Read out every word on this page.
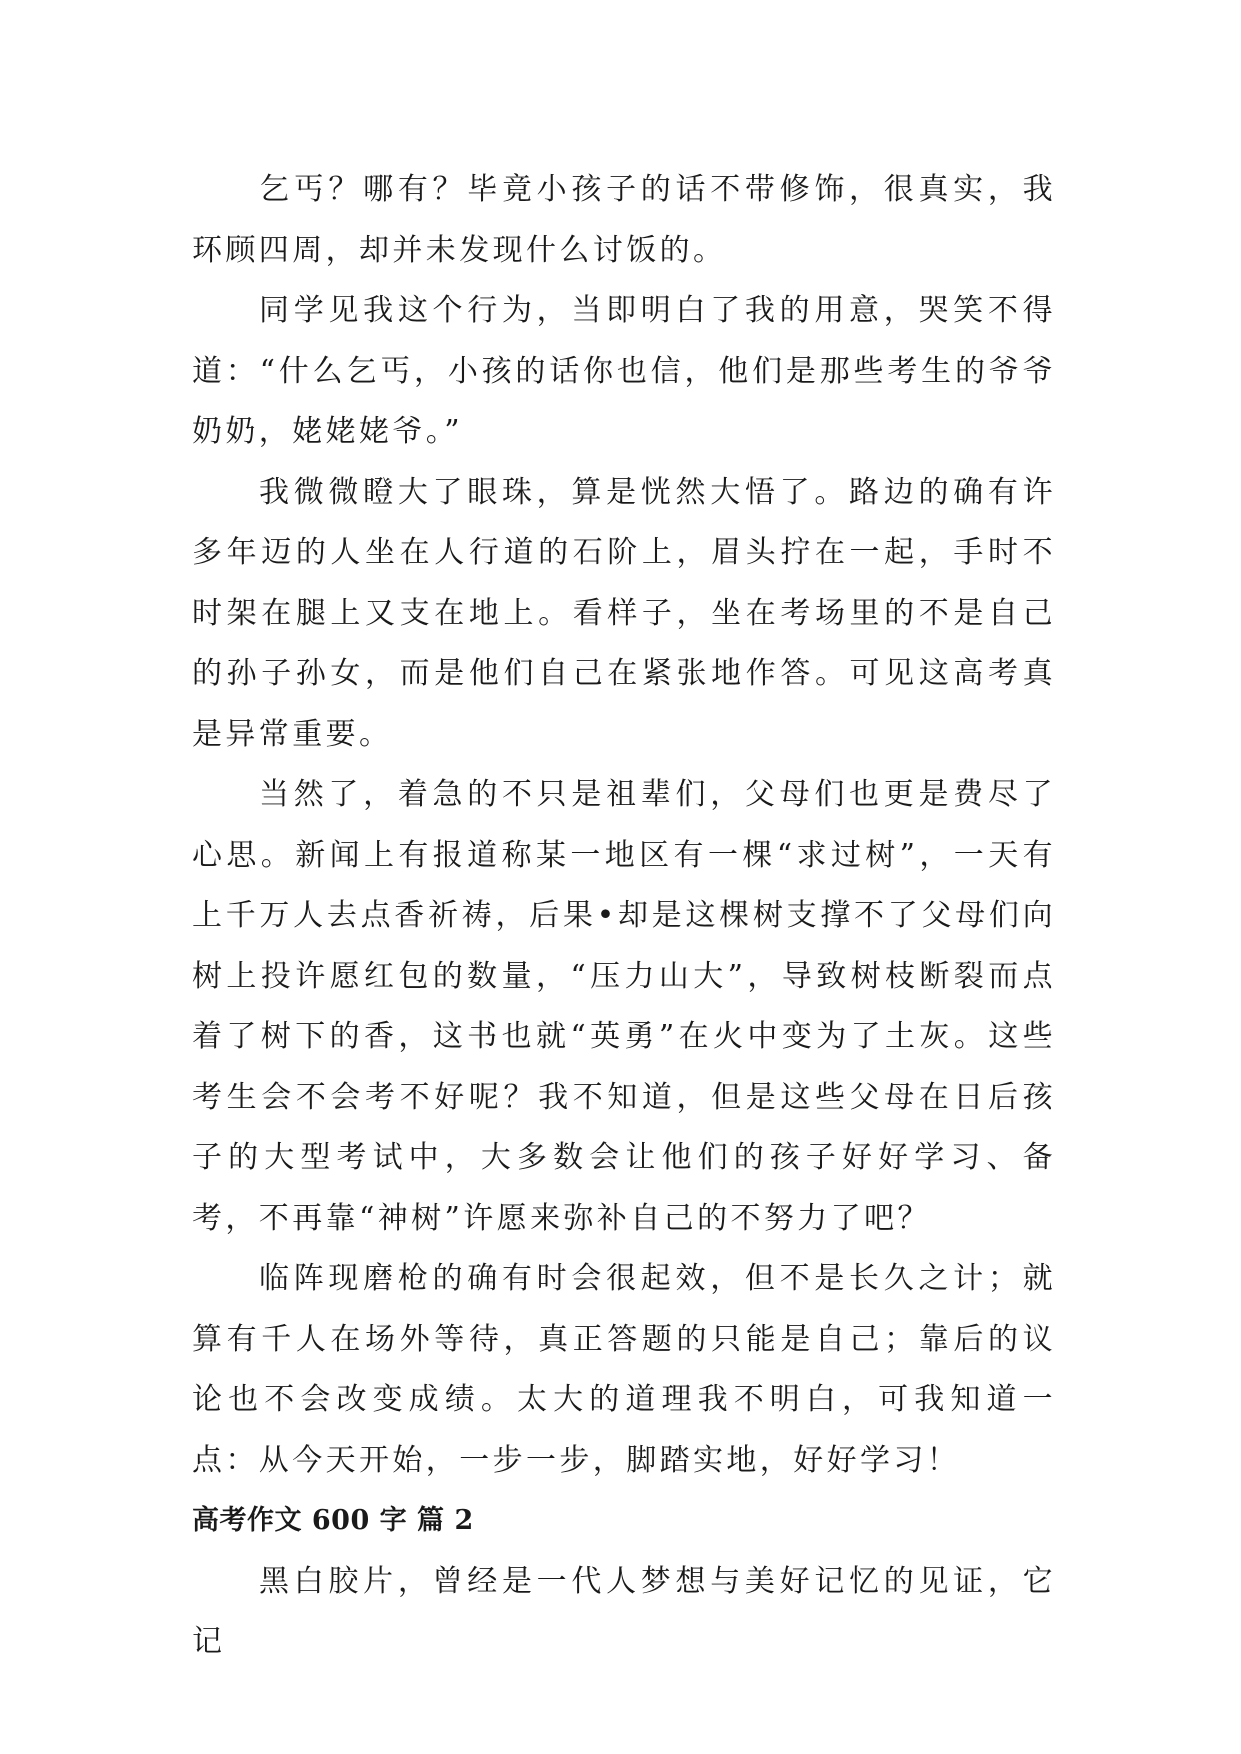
乞丐？哪有？毕竟小孩子的话不带修饰，很真实，我环顾四周，却并未发现什么讨饭的。

同学见我这个行为，当即明白了我的用意，哭笑不得道：“什么乞丐，小孩的话你也信，他们是那些考生的爷爷奶奶，姥姥姥爷。”

我微微瞪大了眼珠，算是恍然大悟了。路边的确有许多年迈的人坐在人行道的石阶上，眉头拧在一起，手时不时架在腿上又支在地上。看样子，坐在考场里的不是自己的孙子孙女，而是他们自己在紧张地作答。可见这高考真是异常重要。

当然了，着急的不只是祖辈们，父母们也更是费尽了心思。新闻上有报道称某一地区有一棵“求过树”，一天有上千万人去点香祈祷，后果•却是这棵树支撑不了父母们向树上投许愿红包的数量，“压力山大”，导致树枝断裂而点着了树下的香，这书也就“英勇”在火中变为了土灰。这些考生会不会考不好呢？我不知道，但是这些父母在日后孩子的大型考试中，大多数会让他们的孩子好好学习、备考，不再靠“神树”许愿来弥补自己的不努力了吧？

临阵现磨枪的确有时会很起效，但不是长久之计；就算有千人在场外等待，真正答题的只能是自己；靠后的议论也不会改变成绩。太大的道理我不明白，可我知道一点：从今天开始，一步一步，脚踏实地，好好学习！

高考作文 600 字 篇 2

黑白胶片，曾经是一代人梦想与美好记忆的见证，它记
